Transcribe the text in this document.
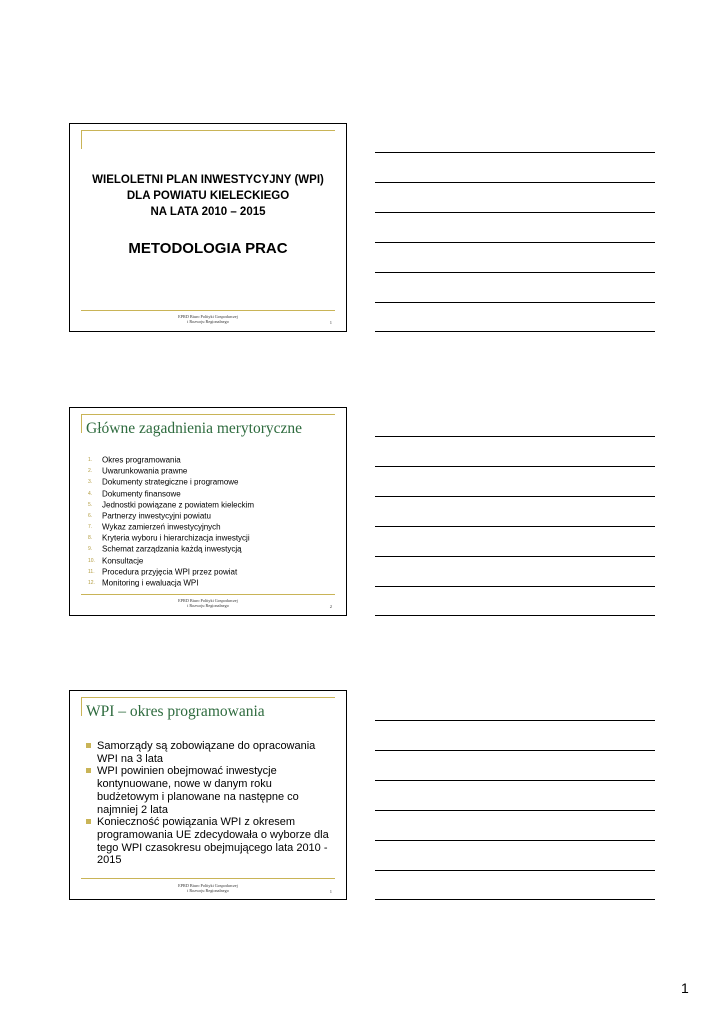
WIELOLETNI PLAN INWESTYCYJNY (WPI)
DLA POWIATU KIELECKIEGO
NA LATA 2010 – 2015
METODOLOGIA PRAC
EPRD Biuro Polityki Gospodarczej
i Rozwoju Regionalnego	1
Główne zagadnienia merytoryczne
1. Okres programowania
2. Uwarunkowania prawne
3. Dokumenty strategiczne i programowe
4. Dokumenty finansowe
5. Jednostki powiązane z powiatem kieleckim
6. Partnerzy inwestycyjni powiatu
7. Wykaz zamierzeń inwestycyjnych
8. Kryteria wyboru i hierarchizacja inwestycji
9. Schemat zarządzania każdą inwestycją
10. Konsultacje
11. Procedura przyjęcia WPI przez powiat
12. Monitoring i ewaluacja WPI
EPRD Biuro Polityki Gospodarczej
i Rozwoju Regionalnego	2
WPI – okres programowania
Samorządy są zobowiązane do opracowania WPI na 3 lata
WPI powinien obejmować inwestycje kontynuowane, nowe w danym roku budżetowym i planowane na następne co najmniej 2 lata
Konieczność powiązania WPI z okresem programowania UE zdecydowała o wyborze dla tego WPI czasokresu obejmującego lata 2010 - 2015
EPRD Biuro Polityki Gospodarczej
i Rozwoju Regionalnego	1
1
